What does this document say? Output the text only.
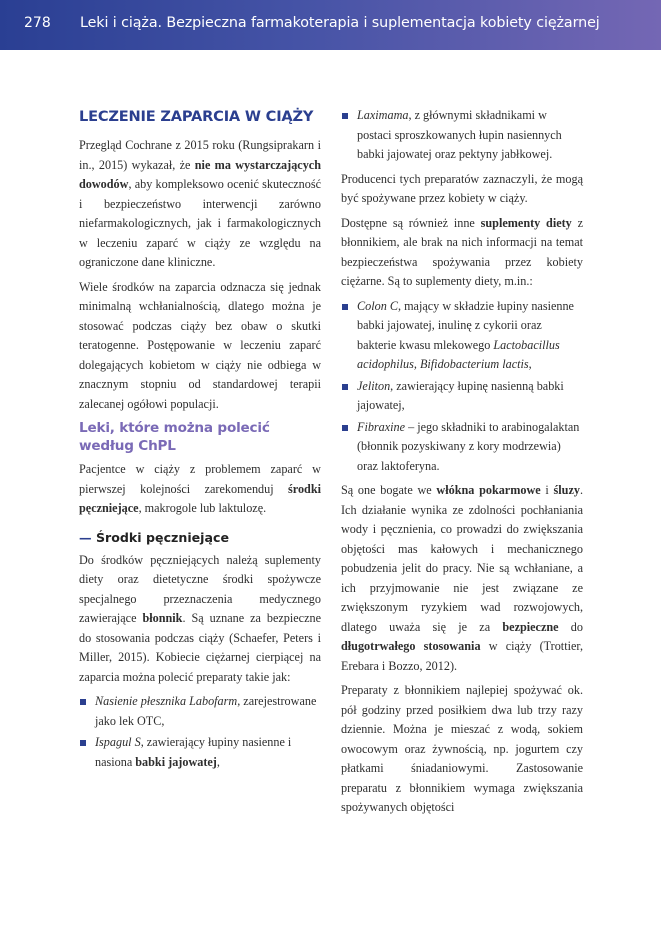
278 Leki i ciąża. Bezpieczna farmakoterapia i suplementacja kobiety ciężarnej
LECZENIE ZAPARCIA W CIĄŻY

Przegląd Cochrane z 2015 roku (Rungsiprakarn i in., 2015) wykazał, że nie ma wystarczających dowodów, aby kompleksowo ocenić skuteczność i bezpieczeństwo interwencji zarówno niefarmakologicznych, jak i farmakologicznych w leczeniu zaparć w ciąży ze względu na ograniczone dane kliniczne.

Wiele środków na zaparcia odznacza się jednak minimalną wchłanialnością, dlatego można je stosować podczas ciąży bez obaw o skutki teratogenne. Postępowanie w leczeniu zaparć dolegających kobietom w ciąży nie odbiega w znacznym stopniu od standardowej terapii zalecanej ogółowi populacji.

Leki, które można polecić według ChPL

Pacjentce w ciąży z problemem zaparć w pierwszej kolejności zarekomenduj środki pęczniejące, makrogole lub laktulozę.

— Środki pęczniejące

Do środków pęczniejących należą suplementy diety oraz dietetyczne środki spożywcze specjalnego przeznaczenia medycznego zawierające błonnik. Są uznane za bezpieczne do stosowania podczas ciąży (Schaefer, Peters i Miller, 2015). Kobiecie ciężarnej cierpiącej na zaparcia można polecić preparaty takie jak:

Nasienie płesznika Labofarm, zarejestrowane jako lek OTC,
Ispagul S, zawierający łupiny nasienne i nasiona babki jajowatej,
Laximama, z głównymi składnikami w postaci sproszkowanych łupin nasiennych babki jajowatej oraz pektyny jabłkowej.

Producenci tych preparatów zaznaczyli, że mogą być spożywane przez kobiety w ciąży.

Dostępne są również inne suplementy diety z błonnikiem, ale brak na nich informacji na temat bezpieczeństwa spożywania przez kobiety ciężarne. Są to suplementy diety, m.in.:

Colon C, mający w składzie łupiny nasienne babki jajowatej, inulinę z cykorii oraz bakterie kwasu mlekowego Lactobacillus acidophilus, Bifidobacterium lactis,
Jeliton, zawierający łupinę nasienną babki jajowatej,
Fibraxine – jego składniki to arabinogalaktan (błonnik pozyskiwany z kory modrzewia) oraz laktoferyna.

Są one bogate we włókna pokarmowe i śluzy. Ich działanie wynika ze zdolności pochłaniania wody i pęcznienia, co prowadzi do zwiększania objętości mas kałowych i mechanicznego pobudzenia jelit do pracy. Nie są wchłaniane, a ich przyjmowanie nie jest związane ze zwiększonym ryzykiem wad rozwojowych, dlatego uważa się je za bezpieczne do długotrwałego stosowania w ciąży (Trottier, Erebara i Bozzo, 2012).

Preparaty z błonnikiem najlepiej spożywać ok. pół godziny przed posiłkiem dwa lub trzy razy dziennie. Można je mieszać z wodą, sokiem owocowym oraz żywnością, np. jogurtem czy płatkami śniadaniowymi. Zastosowanie preparatu z błonnikiem wymaga zwiększania spożywanych objętości
